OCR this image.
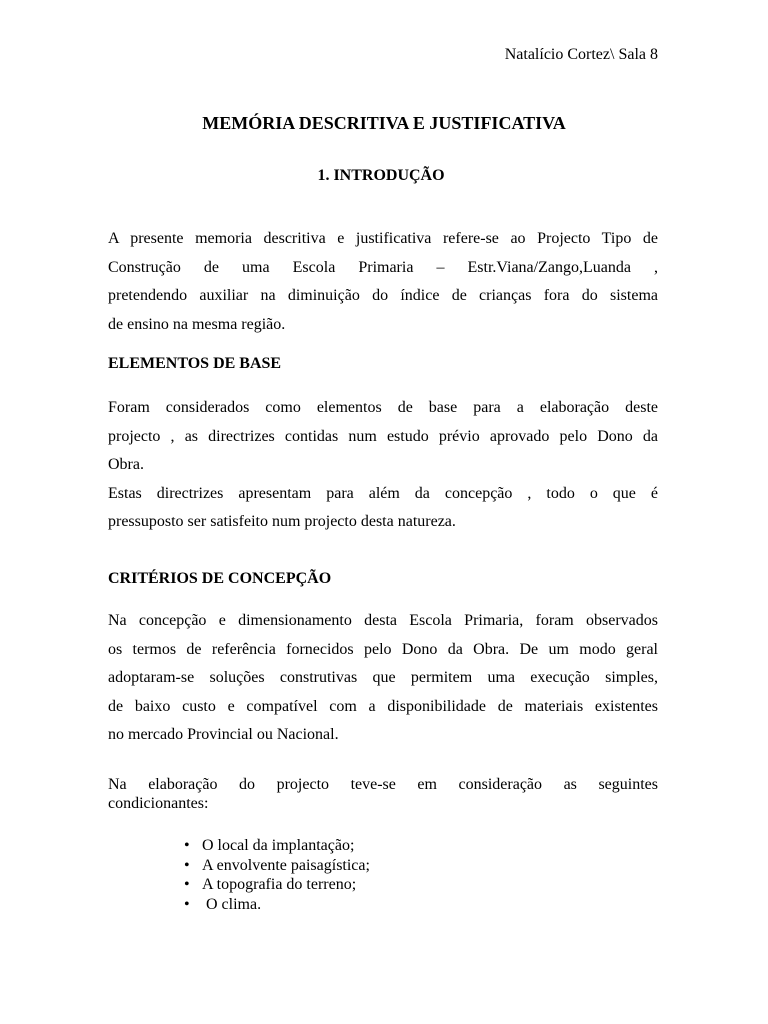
Natalício Cortez\ Sala 8
MEMÓRIA DESCRITIVA E JUSTIFICATIVA
1. INTRODUÇÃO
A presente memoria descritiva e justificativa refere-se ao Projecto Tipo de
Construção de uma Escola Primaria – Estr.Viana/Zango,Luanda ,
pretendendo auxiliar na diminuição do índice de crianças fora do sistema
de ensino na mesma região.
ELEMENTOS DE BASE
Foram considerados como elementos de base para a elaboração deste
projecto , as directrizes contidas num estudo prévio aprovado pelo Dono da
Obra.
Estas directrizes apresentam para além da concepção , todo o que é
pressuposto ser satisfeito num projecto desta natureza.
CRITÉRIOS DE CONCEPÇÃO
Na concepção e dimensionamento desta Escola Primaria, foram observados
os termos de referência fornecidos pelo Dono da Obra. De um modo geral
adoptaram-se soluções construtivas que permitem uma execução simples,
de baixo custo e compatível com a disponibilidade de materiais existentes
no mercado Provincial ou Nacional.
Na elaboração do projecto teve-se em consideração as seguintes
condicionantes:
• O local da implantação;
• A envolvente paisagística;
• A topografia do terreno;
•  O clima.
